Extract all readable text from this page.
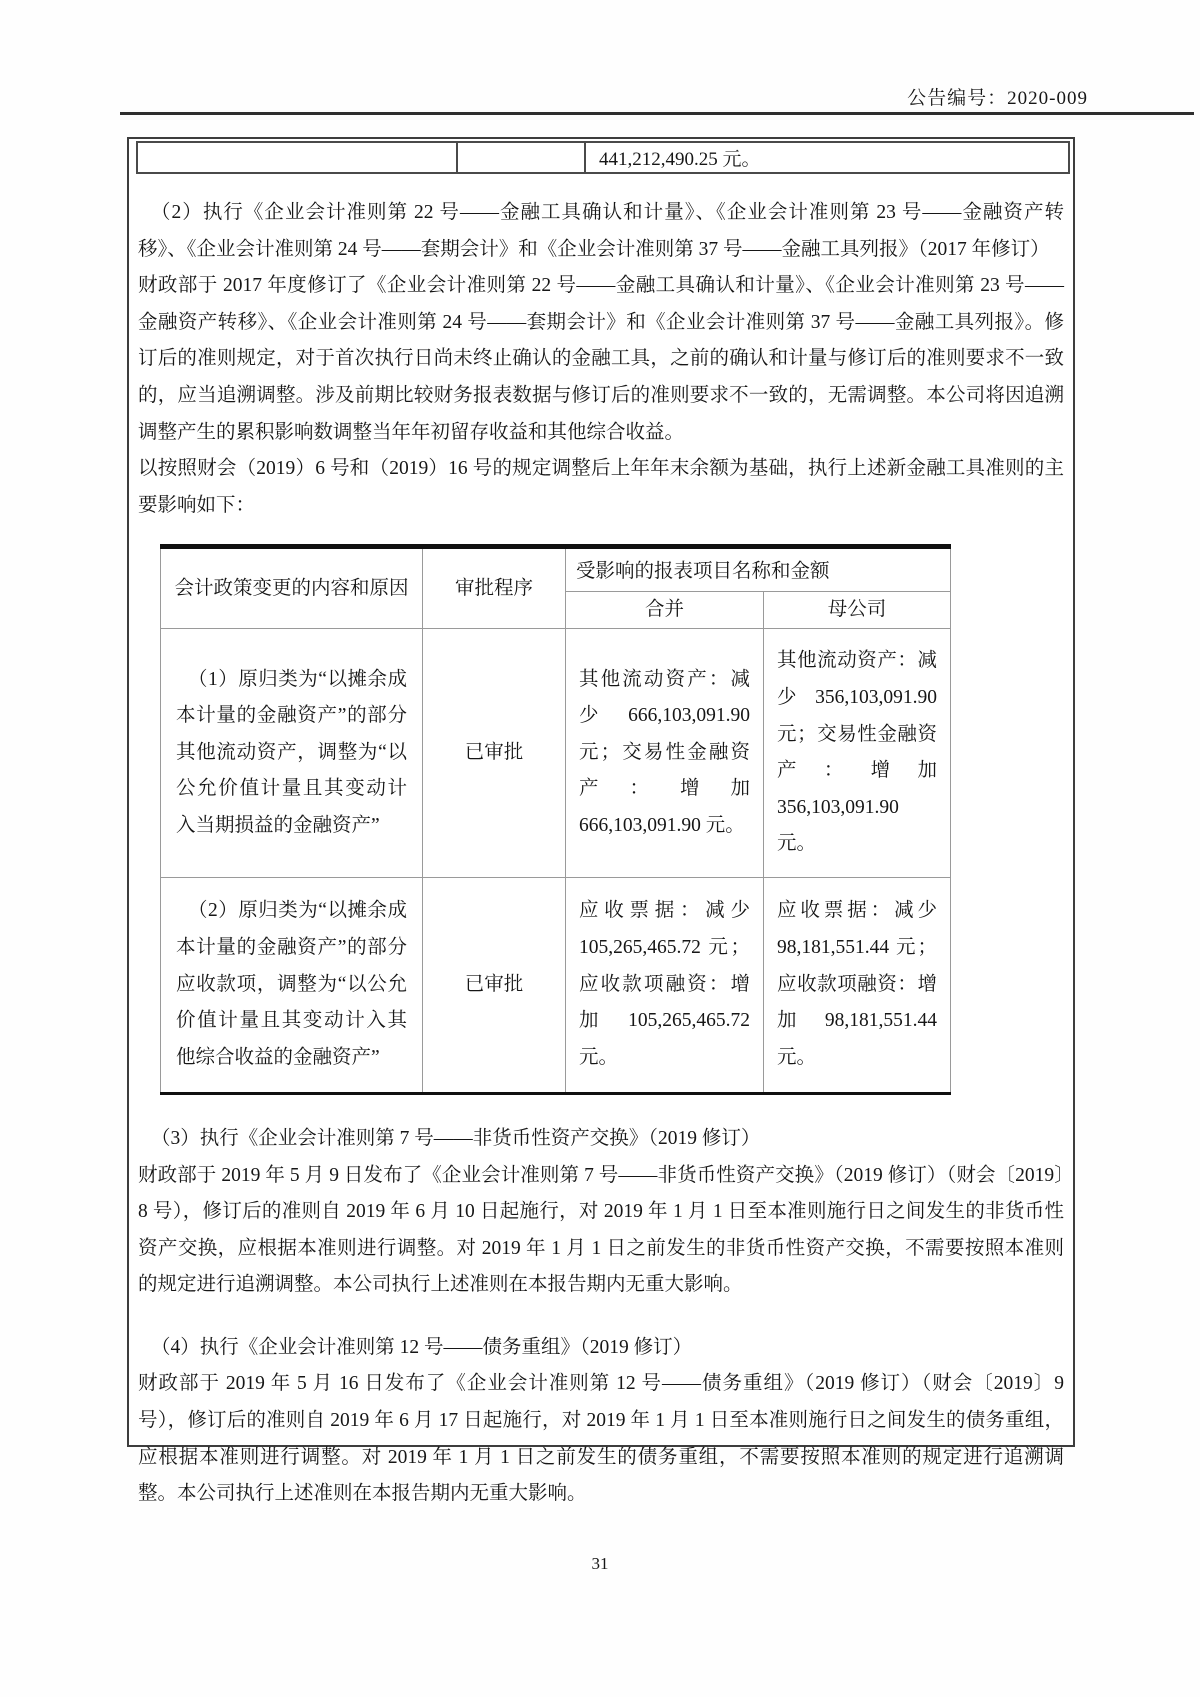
公告编号：2020-009
441,212,490.25 元。

（2）执行《企业会计准则第 22 号——金融工具确认和计量》、《企业会计准则第 23 号——金融资产转移》、《企业会计准则第 24 号——套期会计》和《企业会计准则第 37 号——金融工具列报》（2017 年修订）

财政部于 2017 年度修订了《企业会计准则第 22 号——金融工具确认和计量》、《企业会计准则第 23 号——金融资产转移》、《企业会计准则第 24 号——套期会计》和《企业会计准则第 37 号——金融工具列报》。修订后的准则规定，对于首次执行日尚未终止确认的金融工具，之前的确认和计量与修订后的准则要求不一致的，应当追溯调整。涉及前期比较财务报表数据与修订后的准则要求不一致的，无需调整。本公司将因追溯调整产生的累积影响数调整当年年初留存收益和其他综合收益。

以按照财会（2019）6 号和（2019）16 号的规定调整后上年年末余额为基础，执行上述新金融工具准则的主要影响如下：

会计政策变更的内容和原因	审批程序	受影响的报表项目名称和金额	
		合并	母公司
（1）原归类为“以摊余成本计量的金融资产”的部分其他流动资产，调整为“以公允价值计量且其变动计入当期损益的金融资产”	已审批	其他流动资产：减少 666,103,091.90 元；交易性金融资产：增加 666,103,091.90 元。	其他流动资产：减少 356,103,091.90 元；交易性金融资产：增加 356,103,091.90 元。
（2）原归类为“以摊余成本计量的金融资产”的部分应收款项，调整为“以公允价值计量且其变动计入其他综合收益的金融资产”	已审批	应收票据：减少 105,265,465.72 元；应收款项融资：增加 105,265,465.72 元。	应收票据：减少 98,181,551.44 元；应收款项融资：增加 98,181,551.44 元。

（3）执行《企业会计准则第 7 号——非货币性资产交换》（2019 修订）

财政部于 2019 年 5 月 9 日发布了《企业会计准则第 7 号——非货币性资产交换》（2019 修订）（财会〔2019〕8 号），修订后的准则自 2019 年 6 月 10 日起施行，对 2019 年 1 月 1 日至本准则施行日之间发生的非货币性资产交换，应根据本准则进行调整。对 2019 年 1 月 1 日之前发生的非货币性资产交换，不需要按照本准则的规定进行追溯调整。本公司执行上述准则在本报告期内无重大影响。

（4）执行《企业会计准则第 12 号——债务重组》（2019 修订）

财政部于 2019 年 5 月 16 日发布了《企业会计准则第 12 号——债务重组》（2019 修订）（财会〔2019〕9 号），修订后的准则自 2019 年 6 月 17 日起施行，对 2019 年 1 月 1 日至本准则施行日之间发生的债务重组，应根据本准则进行调整。对 2019 年 1 月 1 日之前发生的债务重组，不需要按照本准则的规定进行追溯调整。本公司执行上述准则在本报告期内无重大影响。

31
